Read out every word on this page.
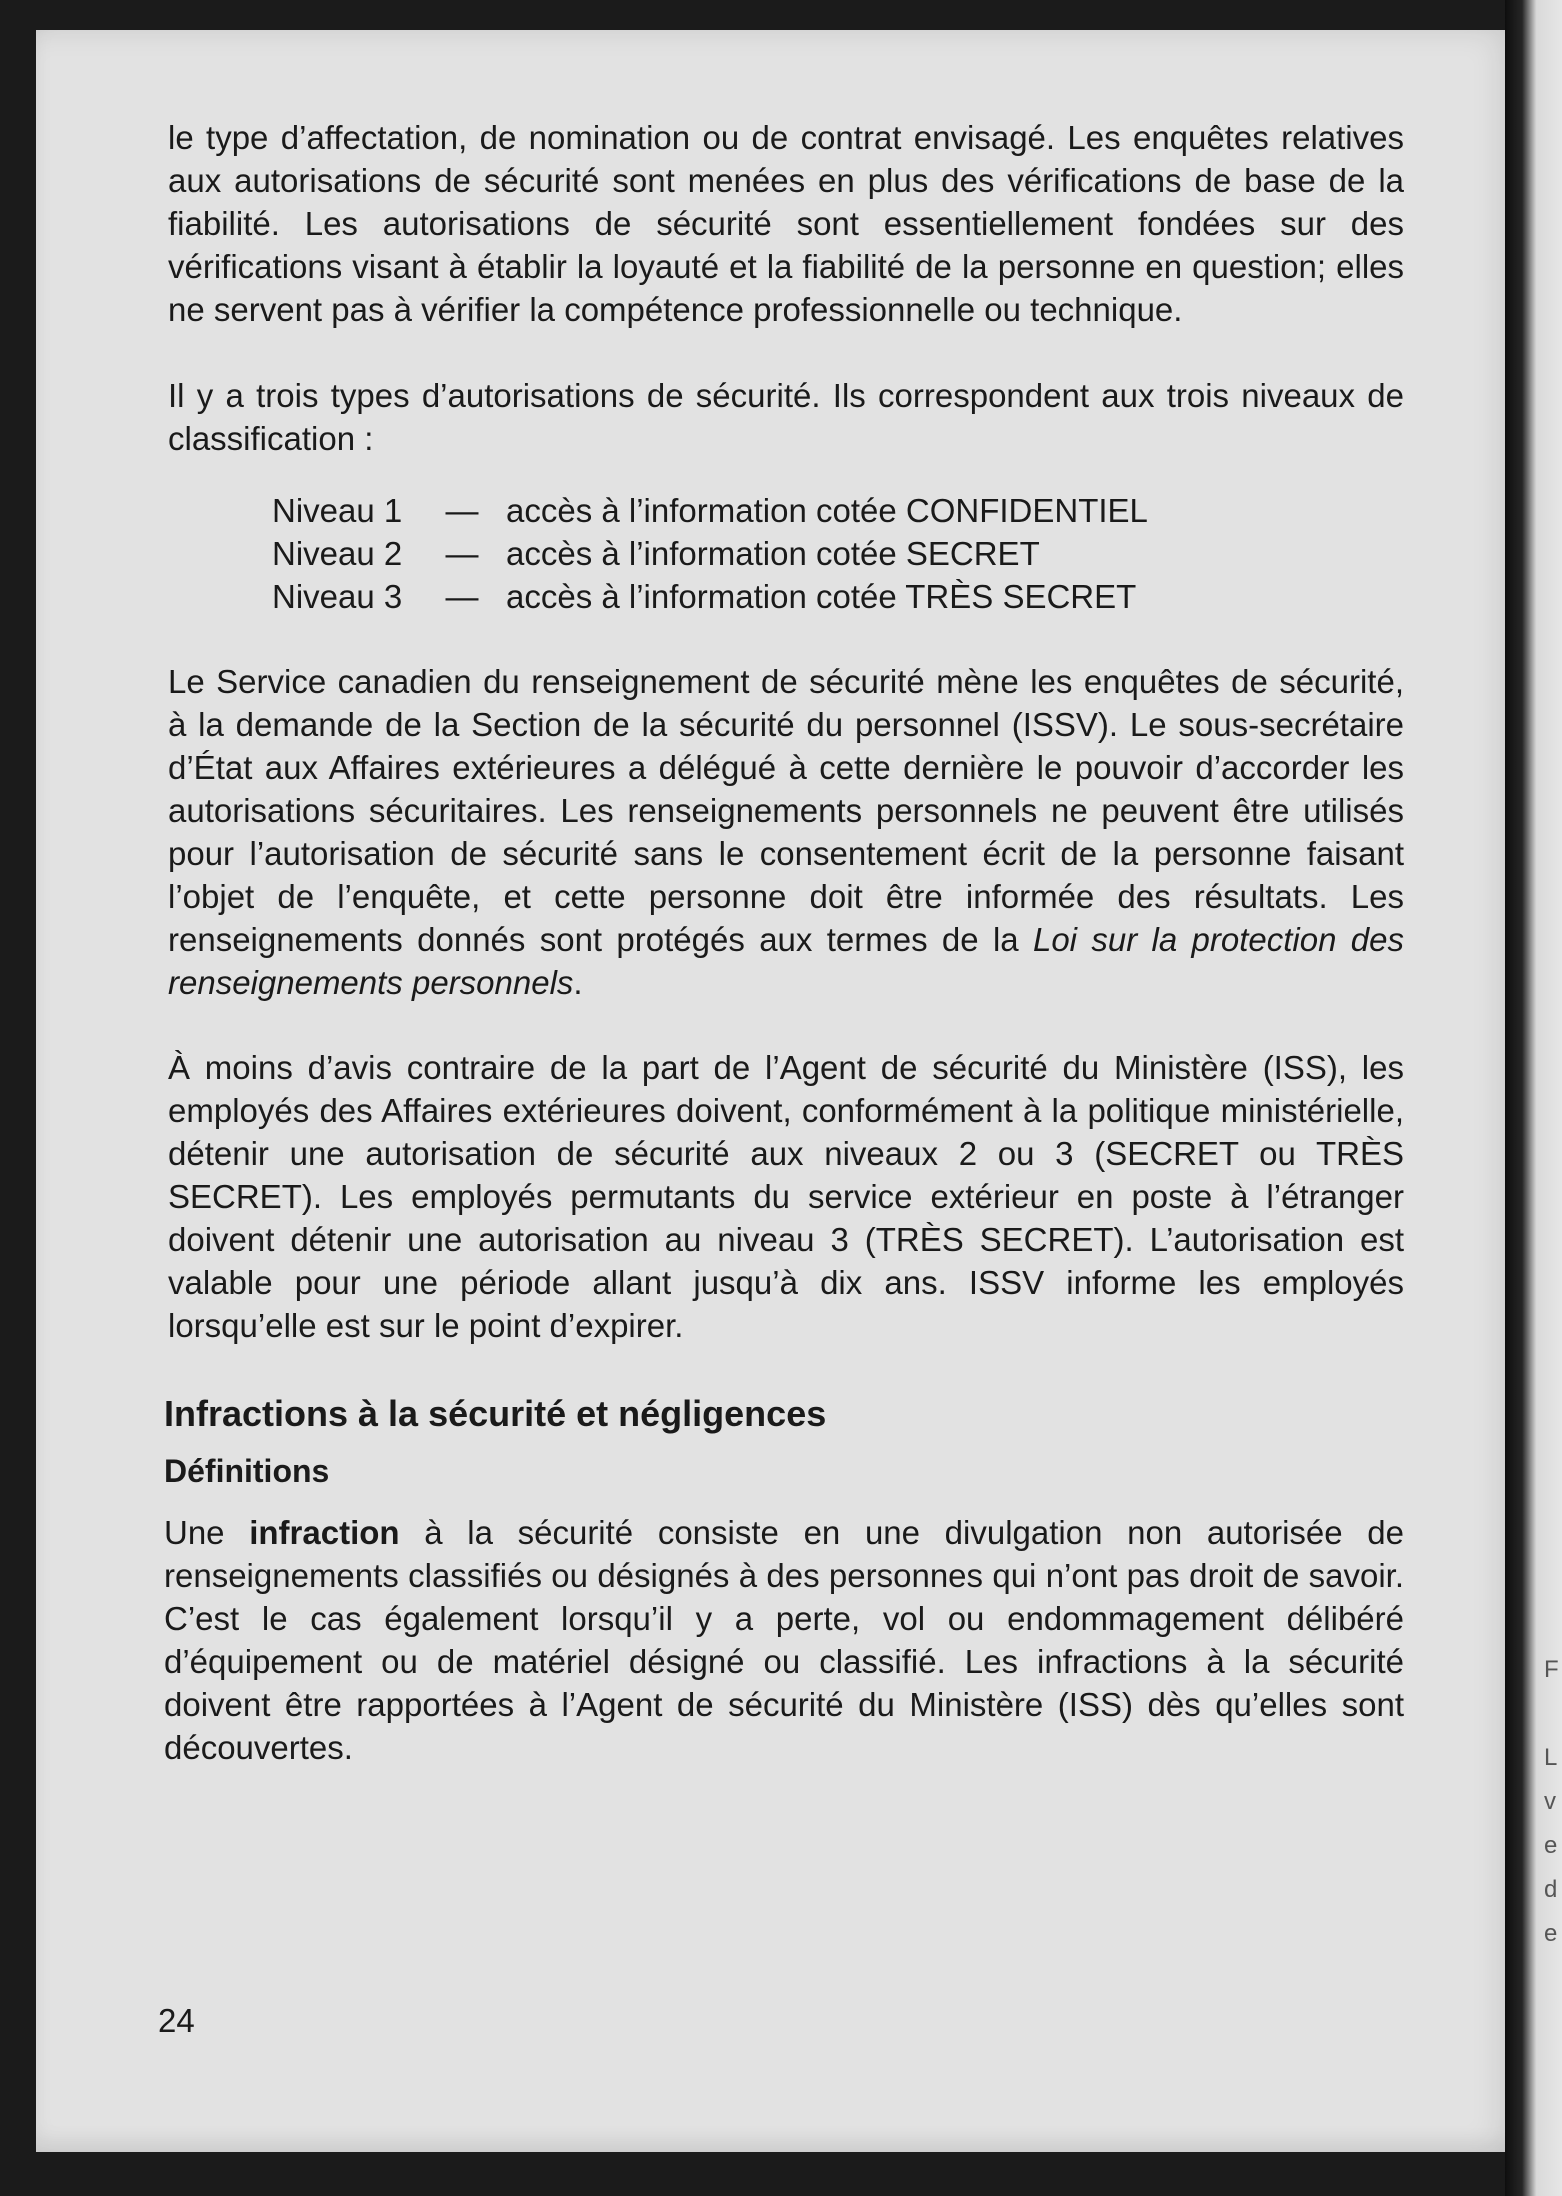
F
L
v
e
d
e

le type d’affectation, de nomination ou de contrat envisagé. Les enquêtes relatives aux autorisations de sécurité sont menées en plus des vérifications de base de la fiabilité. Les autorisations de sécurité sont essentiellement fondées sur des vérifications visant à établir la loyauté et la fiabilité de la personne en question; elles ne servent pas à vérifier la compétence professionnelle ou technique.

Il y a trois types d’autorisations de sécurité. Ils correspondent aux trois niveaux de classification :

Niveau 1	— accès à l’information cotée CONFIDENTIEL
Niveau 2	— accès à l’information cotée SECRET
Niveau 3	— accès à l’information cotée TRÈS SECRET

Le Service canadien du renseignement de sécurité mène les enquêtes de sécurité, à la demande de la Section de la sécurité du personnel (ISSV). Le sous-secrétaire d’État aux Affaires extérieures a délégué à cette dernière le pouvoir d’accorder les autorisations sécuritaires. Les renseignements personnels ne peuvent être utilisés pour l’autorisation de sécurité sans le consentement écrit de la personne faisant l’objet de l’enquête, et cette personne doit être informée des résultats. Les renseignements donnés sont protégés aux termes de la Loi sur la protection des renseignements personnels.

À moins d’avis contraire de la part de l’Agent de sécurité du Ministère (ISS), les employés des Affaires extérieures doivent, conformément à la politique ministérielle, détenir une autorisation de sécurité aux niveaux 2 ou 3 (SECRET ou TRÈS SECRET). Les employés permutants du service extérieur en poste à l’étranger doivent détenir une autorisation au niveau 3 (TRÈS SECRET). L’autorisation est valable pour une période allant jusqu’à dix ans. ISSV informe les employés lorsqu’elle est sur le point d’expirer.

Infractions à la sécurité et négligences
Définitions

Une infraction à la sécurité consiste en une divulgation non autorisée de renseignements classifiés ou désignés à des personnes qui n’ont pas droit de savoir. C’est le cas également lorsqu’il y a perte, vol ou endommagement délibéré d’équipement ou de matériel désigné ou classifié. Les infractions à la sécurité doivent être rapportées à l’Agent de sécurité du Ministère (ISS) dès qu’elles sont découvertes.

24
